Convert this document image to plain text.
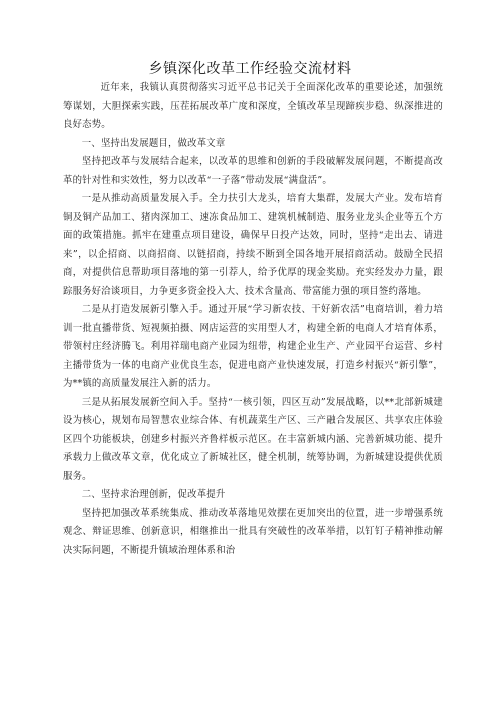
乡镇深化改革工作经验交流材料

近年来，我镇认真贯彻落实习近平总书记关于全面深化改革的重要论述，加强统筹谋划，大胆探索实践，压茬拓展改革广度和深度，全镇改革呈现蹄疾步稳、纵深推进的良好态势。

一、坚持出发展题目，做改革文章

坚持把改革与发展结合起来，以改革的思维和创新的手段破解发展问题，不断提高改革的针对性和实效性，努力以改革“一子落”带动发展“满盘活”。

一是从推动高质量发展入手。全力扶引大龙头，培育大集群，发展大产业。发布培育铜及铜产品加工、猪肉深加工、速冻食品加工、建筑机械制造、服务业龙头企业等五个方面的政策措施。抓牢在建重点项目建设，确保早日投产达效，同时，坚持“走出去、请进来”，以企招商、以商招商、以链招商，持续不断到全国各地开展招商活动。鼓励全民招商，对提供信息帮助项目落地的第一引荐人，给予优厚的现金奖励。充实经发办力量，跟踪服务好洽谈项目，力争更多资金投入大、技术含量高、带富能力强的项目签约落地。

二是从打造发展新引擎入手。通过开展“学习新农技、干好新农活”电商培训，着力培训一批直播带货、短视频拍摄、网店运营的实用型人才，构建全新的电商人才培育体系，带领村庄经济腾飞。利用祥瑞电商产业园为纽带，构建企业生产、产业园平台运营、乡村主播带货为一体的电商产业优良生态，促进电商产业快速发展，打造乡村振兴“新引擎”，为**镇的高质量发展注入新的活力。

三是从拓展发展新空间入手。坚持“一核引领，四区互动”发展战略，以**北部新城建设为核心，规划布局智慧农业综合体、有机蔬菜生产区、三产融合发展区、共享农庄体验区四个功能板块，创建乡村振兴齐鲁样板示范区。在丰富新城内涵、完善新城功能、提升承载力上做改革文章，优化成立了新城社区，健全机制，统筹协调，为新城建设提供优质服务。

二、坚持求治理创新，促改革提升

坚持把加强改革系统集成、推动改革落地见效摆在更加突出的位置，进一步增强系统观念、辩证思维、创新意识，相继推出一批具有突破性的改革举措，以钉钉子精神推动解决实际问题，不断提升镇域治理体系和治
